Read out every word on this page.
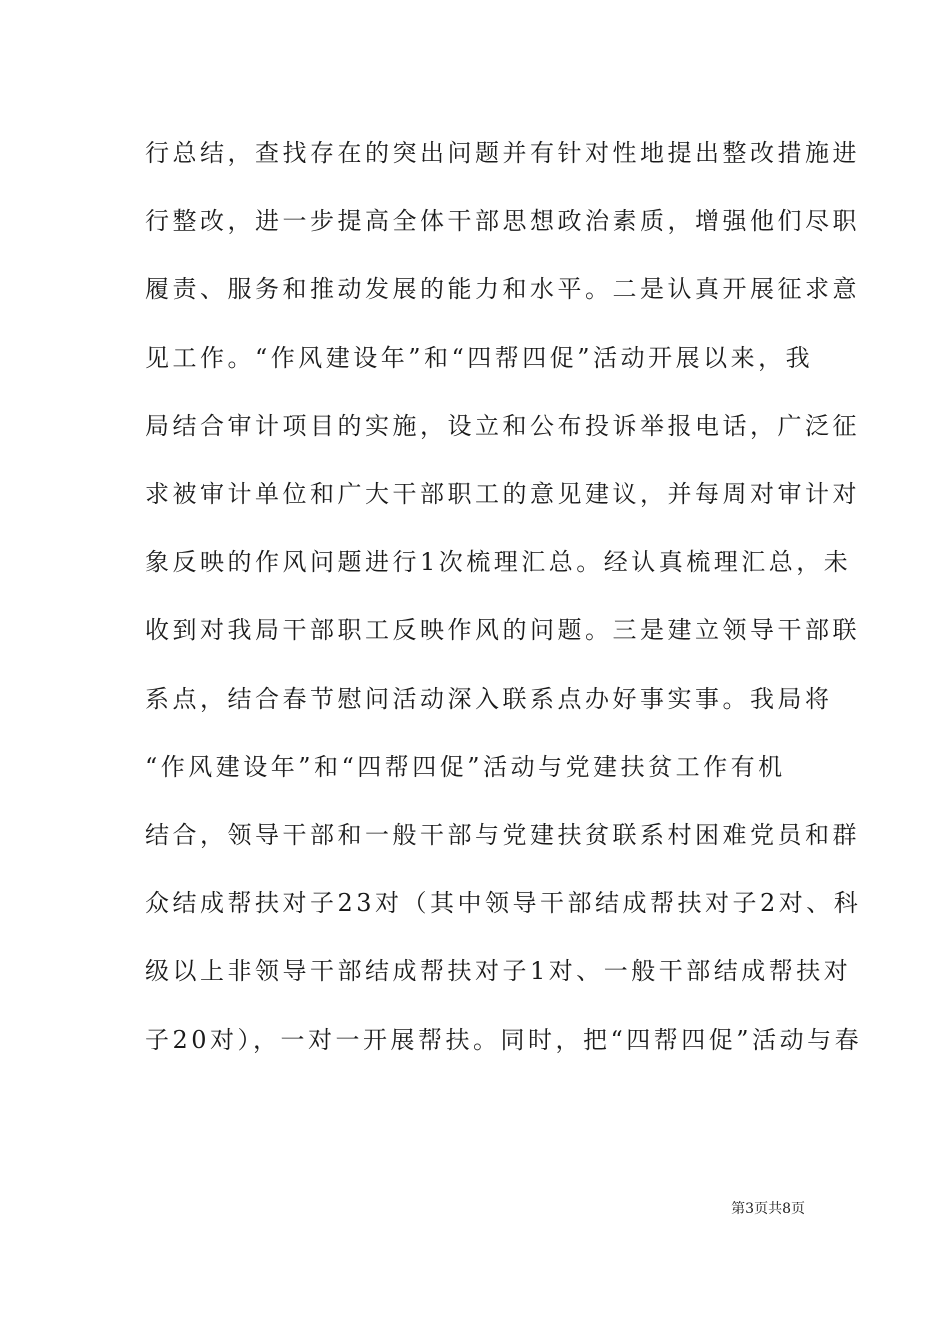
行总结，查找存在的突出问题并有针对性地提出整改措施进
行整改，进一步提高全体干部思想政治素质，增强他们尽职
履责、服务和推动发展的能力和水平。二是认真开展征求意
见工作。“作风建设年”和“四帮四促”活动开展以来，我
局结合审计项目的实施，设立和公布投诉举报电话，广泛征
求被审计单位和广大干部职工的意见建议，并每周对审计对
象反映的作风问题进行1次梳理汇总。经认真梳理汇总，未
收到对我局干部职工反映作风的问题。三是建立领导干部联
系点，结合春节慰问活动深入联系点办好事实事。我局将
“作风建设年”和“四帮四促”活动与党建扶贫工作有机
结合，领导干部和一般干部与党建扶贫联系村困难党员和群
众结成帮扶对子23对（其中领导干部结成帮扶对子2对、科
级以上非领导干部结成帮扶对子1对、一般干部结成帮扶对
子20对），一对一开展帮扶。同时，把“四帮四促”活动与春
第3页共8页
